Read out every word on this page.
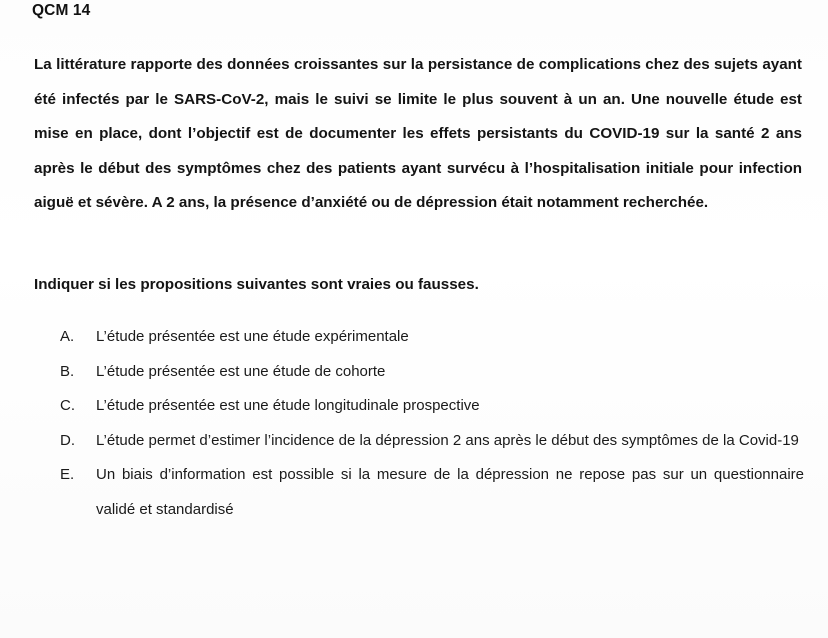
QCM 14

La littérature rapporte des données croissantes sur la persistance de complications chez des sujets ayant été infectés par le SARS-CoV-2, mais le suivi se limite le plus souvent à un an. Une nouvelle étude est mise en place, dont l’objectif est de documenter les effets persistants du COVID-19 sur la santé 2 ans après le début des symptômes chez des patients ayant survécu à l’hospitalisation initiale pour infection aiguë et sévère. A 2 ans, la présence d’anxiété ou de dépression était notamment recherchée.

Indiquer si les propositions suivantes sont vraies ou fausses.

A.	L’étude présentée est une étude expérimentale
B.	L’étude présentée est une étude de cohorte
C.	L’étude présentée est une étude longitudinale prospective
D.	L’étude permet d’estimer l’incidence de la dépression 2 ans après le début des symptômes de la Covid-19
E.	Un biais d’information est possible si la mesure de la dépression ne repose pas sur un questionnaire validé et standardisé
